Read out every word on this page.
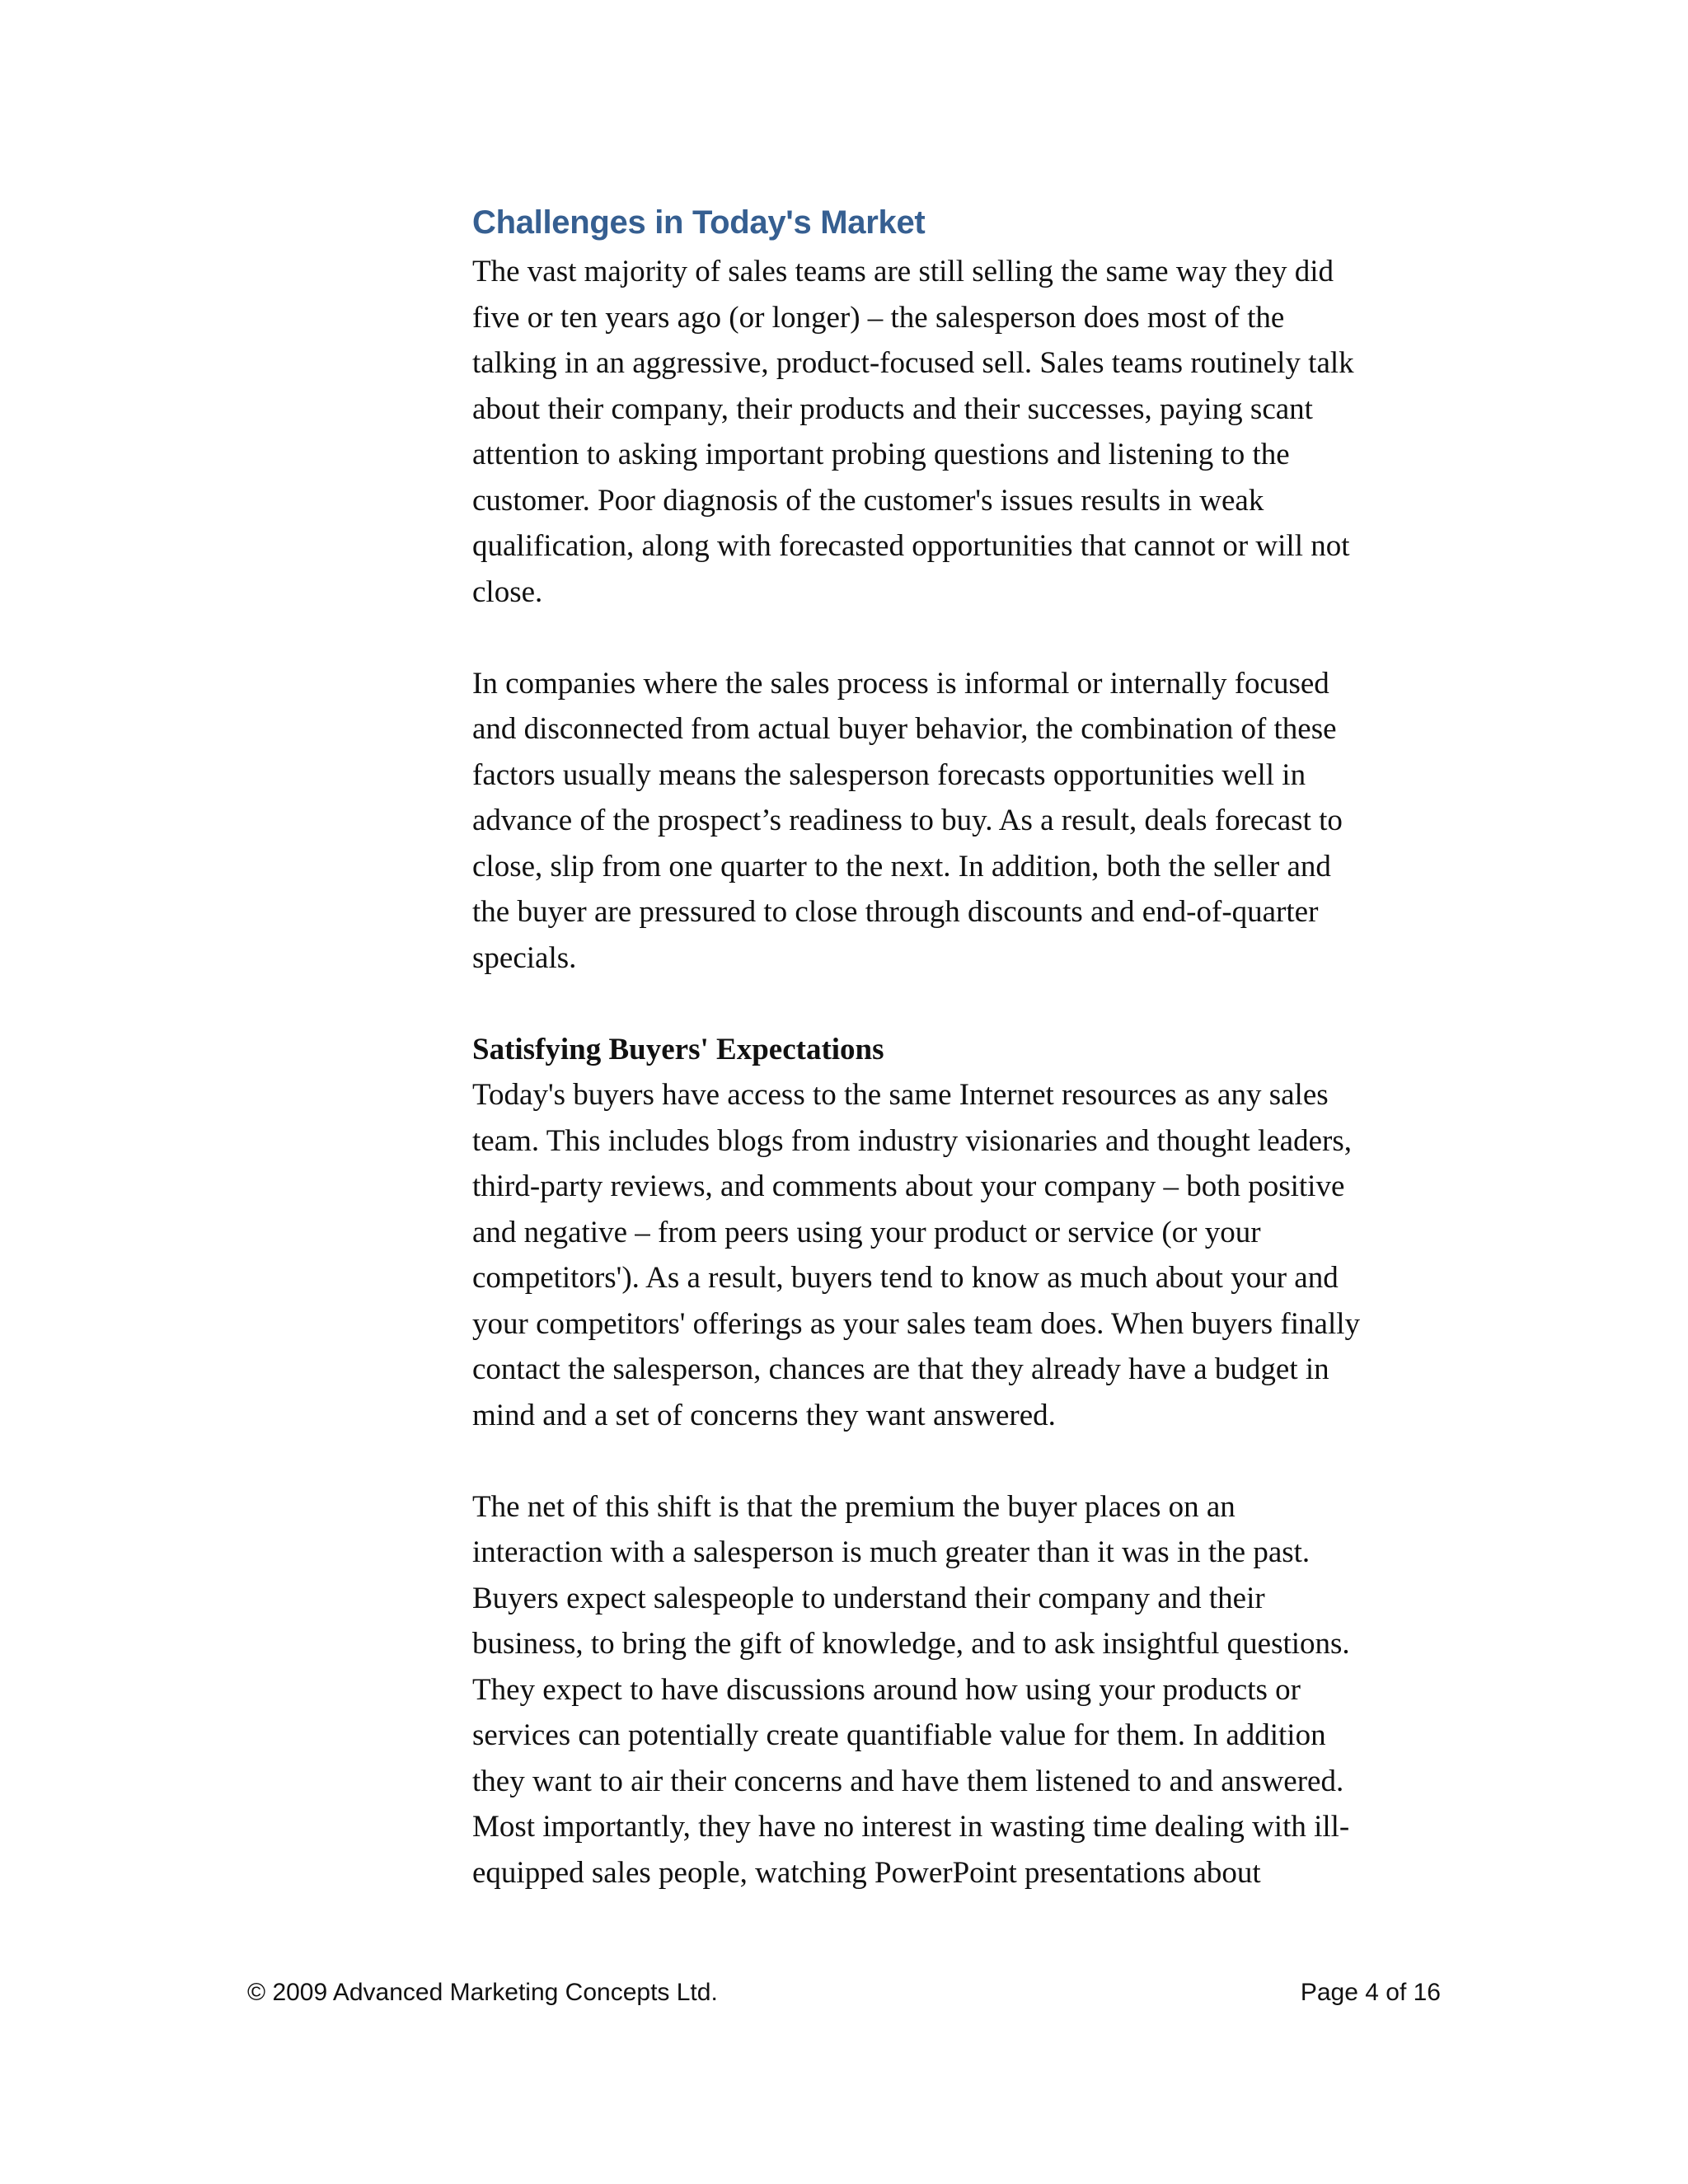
Challenges in Today's Market

The vast majority of sales teams are still selling the same way they did
five or ten years ago (or longer) – the salesperson does most of the
talking in an aggressive, product-focused sell. Sales teams routinely talk
about their company, their products and their successes, paying scant
attention to asking important probing questions and listening to the
customer. Poor diagnosis of the customer's issues results in weak
qualification, along with forecasted opportunities that cannot or will not
close.

In companies where the sales process is informal or internally focused
and disconnected from actual buyer behavior, the combination of these
factors usually means the salesperson forecasts opportunities well in
advance of the prospect’s readiness to buy. As a result, deals forecast to
close, slip from one quarter to the next. In addition, both the seller and
the buyer are pressured to close through discounts and end-of-quarter
specials.

Satisfying Buyers' Expectations

Today's buyers have access to the same Internet resources as any sales
team. This includes blogs from industry visionaries and thought leaders,
third-party reviews, and comments about your company – both positive
and negative – from peers using your product or service (or your
competitors'). As a result, buyers tend to know as much about your and
your competitors' offerings as your sales team does. When buyers finally
contact the salesperson, chances are that they already have a budget in
mind and a set of concerns they want answered.

The net of this shift is that the premium the buyer places on an
interaction with a salesperson is much greater than it was in the past.
Buyers expect salespeople to understand their company and their
business, to bring the gift of knowledge, and to ask insightful questions.
They expect to have discussions around how using your products or
services can potentially create quantifiable value for them. In addition
they want to air their concerns and have them listened to and answered.
Most importantly, they have no interest in wasting time dealing with ill-
equipped sales people, watching PowerPoint presentations about

© 2009 Advanced Marketing Concepts Ltd.	Page 4 of 16
